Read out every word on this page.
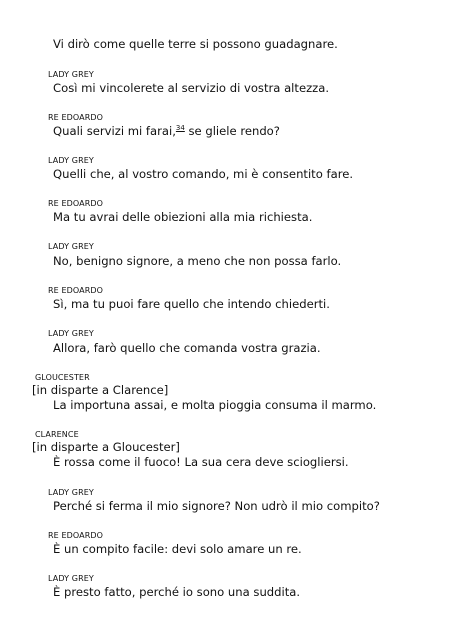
Vi dirò come quelle terre si possono guadagnare.
LADY GREY
Così mi vincolerete al servizio di vostra altezza.
RE EDOARDO
Quali servizi mi farai,$^{34}$ se gliele rendo?
LADY GREY
Quelli che, al vostro comando, mi è consentito fare.
RE EDOARDO
Ma tu avrai delle obiezioni alla mia richiesta.
LADY GREY
No, benigno signore, a meno che non possa farlo.
RE EDOARDO
Sì, ma tu puoi fare quello che intendo chiederti.
LADY GREY
Allora, farò quello che comanda vostra grazia.
GLOUCESTER
[in disparte a Clarence]
La importuna assai, e molta pioggia consuma il marmo.
CLARENCE
[in disparte a Gloucester]
È rossa come il fuoco! La sua cera deve sciogliersi.
LADY GREY
Perché si ferma il mio signore? Non udrò il mio compito?
RE EDOARDO
È un compito facile: devi solo amare un re.
LADY GREY
È presto fatto, perché io sono una suddita.
